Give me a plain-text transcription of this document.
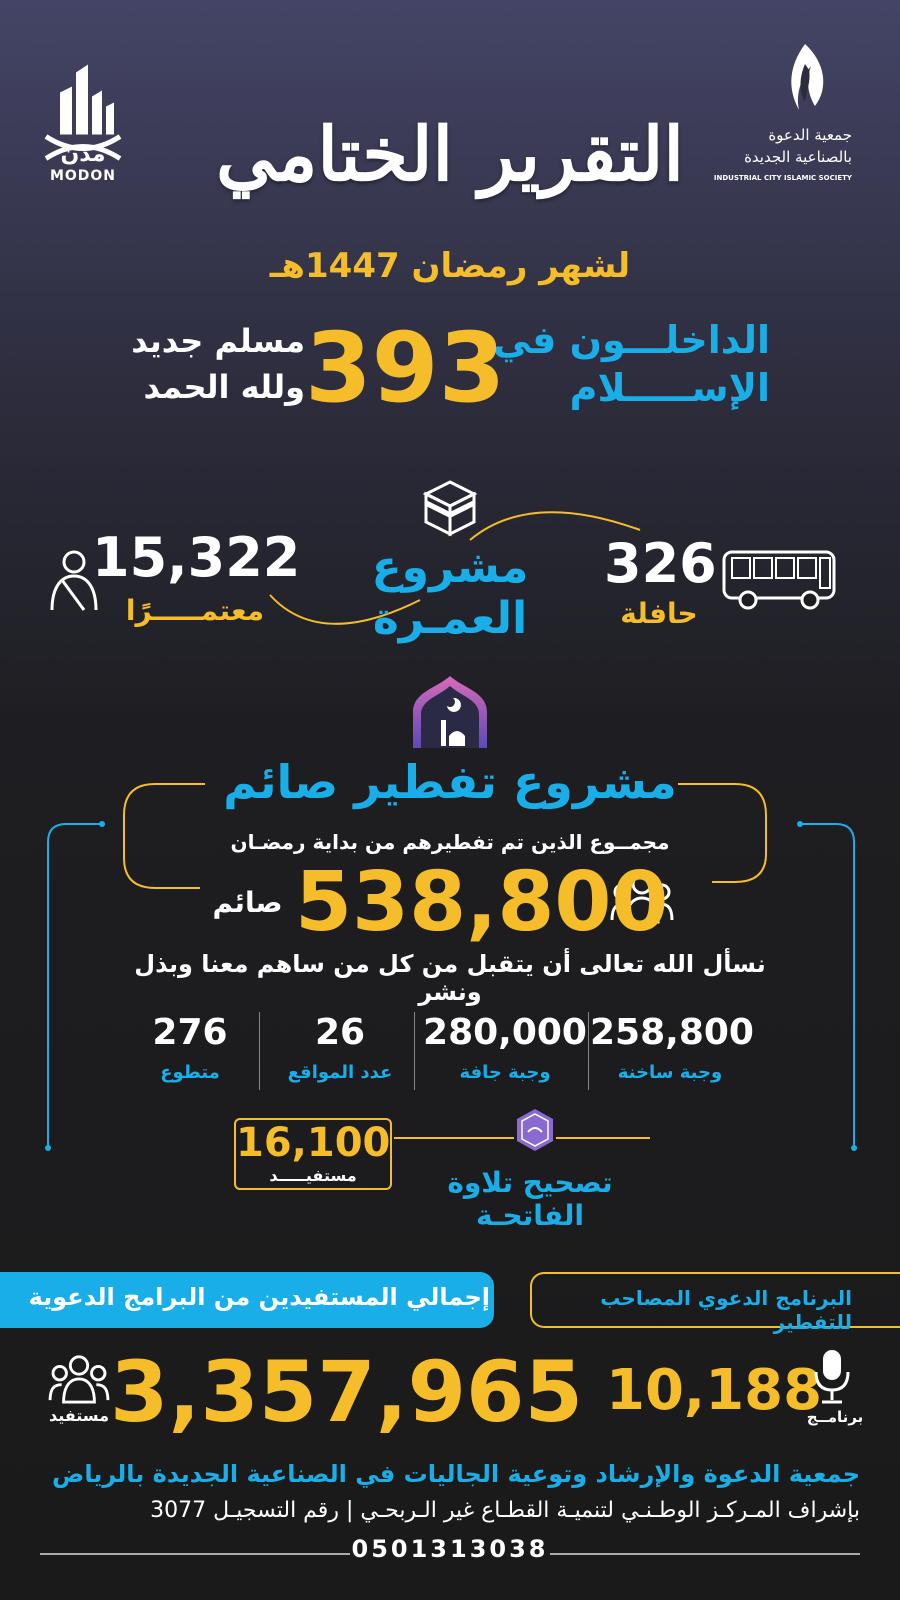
مدن
MODON
جمعية الدعوة
بالصناعية الجديدة
INDUSTRIAL CITY ISLAMIC SOCIETY
التقرير الختامي
لشهر رمضان 1447هـ
الداخلـــون في
الإســـــلام
393
مسلم جديد
ولله الحمد
326
حافلة
مشروع العمـرة
15,322
معتمـــــرًا
مشروع تفطير صائم
مجمــوع الذين تم تفطيرهم من بداية رمضـان
538,800
صائم
نسأل الله تعالى أن يتقبل من كل من ساهم معنا وبذل ونشر
258,800
وجبة ساخنة
280,000
وجبة جافة
26
عدد المواقع
276
متطوع
16,100
مستفيـــــد	تصحيح تلاوة الفاتحـة
إجمالي المستفيدين من البرامج الدعوية	البرنامج الدعوي المصاحب للتفطير
مستفيد 3,357,965 10,188
برنامــج
جمعية الدعوة والإرشاد وتوعية الجاليات في الصناعية الجديدة بالرياض
بإشراف المـركـز الوطـنـي لتنميـة القطـاع غير الـربحـي | رقم التسجيـل 3077
0501313038
